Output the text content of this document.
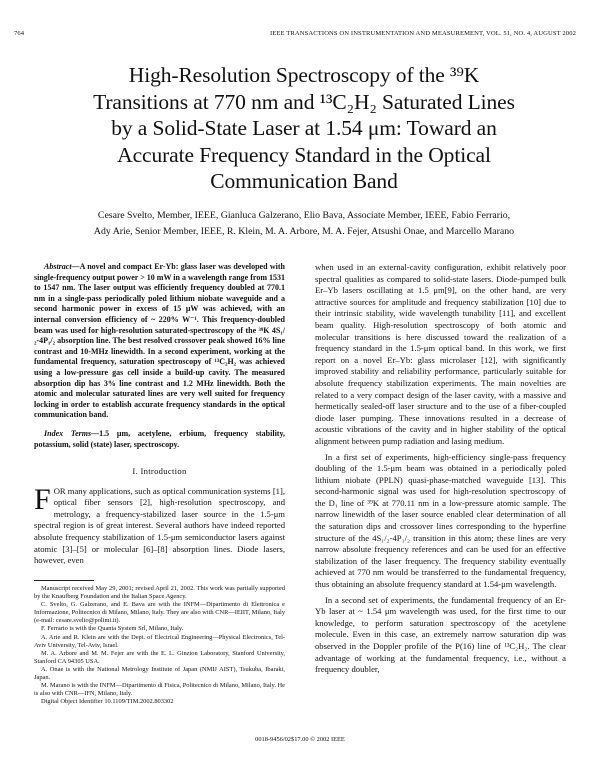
764	IEEE TRANSACTIONS ON INSTRUMENTATION AND MEASUREMENT, VOL. 51, NO. 4, AUGUST 2002
High-Resolution Spectroscopy of the ³⁹K
Transitions at 770 nm and ¹³C₂H₂ Saturated Lines
by a Solid-State Laser at 1.54 μm: Toward an
Accurate Frequency Standard in the Optical
Communication Band
Cesare Svelto, Member, IEEE, Gianluca Galzerano, Elio Bava, Associate Member, IEEE, Fabio Ferrario,
Ady Arie, Senior Member, IEEE, R. Klein, M. A. Arbore, M. A. Fejer, Atsushi Onae, and Marcello Marano

Abstract—A novel and compact Er-Yb: glass laser was developed with single-frequency output power > 10 mW in a wavelength range from 1531 to 1547 nm. The laser output was efficiently frequency doubled at 770.1 nm in a single-pass periodically poled lithium niobate waveguide and a second harmonic power in excess of 15 μW was achieved, with an internal conversion efficiency of ~ 220% W⁻¹. This frequency-doubled beam was used for high-resolution saturated-spectroscopy of the ³⁹K 4S₁/₂-4P₁/₂ absorption line. The best resolved crossover peak showed 16% line contrast and 10-MHz linewidth. In a second experiment, working at the fundamental frequency, saturation spectroscopy of ¹³C₂H₂ was achieved using a low-pressure gas cell inside a build-up cavity. The measured absorption dip has 3% line contrast and 1.2 MHz linewidth. Both the atomic and molecular saturated lines are very well suited for frequency locking in order to establish accurate frequency standards in the optical communication band.

Index Terms—1.5 μm, acetylene, erbium, frequency stability, potassium, solid (state) laser, spectroscopy.

I. Introduction

FOR many applications, such as optical communication systems [1], optical fiber sensors [2], high-resolution spectroscopy, and metrology, a frequency-stabilized laser source in the 1.5-μm spectral region is of great interest. Several authors have indeed reported absolute frequency stabilization of 1.5-μm semiconductor lasers against atomic [3]–[5] or molecular [6]–[8] absorption lines. Diode lasers, however, even

Manuscript received May 29, 2001; revised April 21, 2002. This work was partially supported by the Knaufberg Foundation and the Italian Space Agency.

C. Svelto, G. Galzerano, and E. Bava are with the INFM—Dipartimento di Elettronica e Informazione, Politecnico di Milano, Milano, Italy. They are also with CNR—IEIIT, Milano, Italy (e-mail: cesare.svelto@polimi.it).

F. Ferrario is with the Quanta System Srl, Milano, Italy.

A. Arie and R. Klein are with the Dept. of Electrical Engineering—Physical Electronics, Tel-Aviv University, Tel-Aviv, Israel.

M. A. Arbore and M. M. Fejer are with the E. L. Ginzton Laboratory, Stanford University, Stanford CA 94305 USA.

A. Onae is with the National Metrology Institute of Japan (NMIJ AIST), Tsukuba, Ibaraki, Japan.

M. Marano is with the INFM—Dipartimento di Fisica, Politecnico di Milano, Milano, Italy. He is also with CNR—IFN, Milano, Italy.

Digital Object Identifier 10.1109/TIM.2002.803302

when used in an external-cavity configuration, exhibit relatively poor spectral qualities as compared to solid-state lasers. Diode-pumped bulk Er–Yb lasers oscillating at 1.5 μm[9], on the other hand, are very attractive sources for amplitude and frequency stabilization [10] due to their intrinsic stability, wide wavelength tunability [11], and excellent beam quality. High-resolution spectroscopy of both atomic and molecular transitions is here discussed toward the realization of a frequency standard in the 1.5-μm optical band. In this work, we first report on a novel Er–Yb: glass microlaser [12], with significantly improved stability and reliability performance, particularly suitable for absolute frequency stabilization experiments. The main novelties are related to a very compact design of the laser cavity, with a massive and hermetically sealed-off laser structure and to the use of a fiber-coupled diode laser pumping. These innovations resulted in a decrease of acoustic vibrations of the cavity and in higher stability of the optical alignment between pump radiation and lasing medium.

In a first set of experiments, high-efficiency single-pass frequency doubling of the 1.5-μm beam was obtained in a periodically poled lithium niobate (PPLN) quasi-phase-matched waveguide [13]. This second-harmonic signal was used for high-resolution spectroscopy of the D₁ line of ³⁹K at 770.11 nm in a low-pressure atomic sample. The narrow linewidth of the laser source enabled clear determination of all the saturation dips and crossover lines corresponding to the hyperfine structure of the 4S₁/₂-4P₁/₂ transition in this atom; these lines are very narrow absolute frequency references and can be used for an effective stabilization of the laser frequency. The frequency stability eventually achieved at 770 nm would be transferred to the fundamental frequency, thus obtaining an absolute frequency standard at 1.54-μm wavelength.

In a second set of experiments, the fundamental frequency of an Er-Yb laser at ~ 1.54 μm wavelength was used, for the first time to our knowledge, to perform saturation spectroscopy of the acetylene molecule. Even in this case, an extremely narrow saturation dip was observed in the Doppler profile of the P(16) line of ¹³C₂H₂. The clear advantage of working at the fundamental frequency, i.e., without a frequency doubler,

0018-9456/02$17.00 © 2002 IEEE
